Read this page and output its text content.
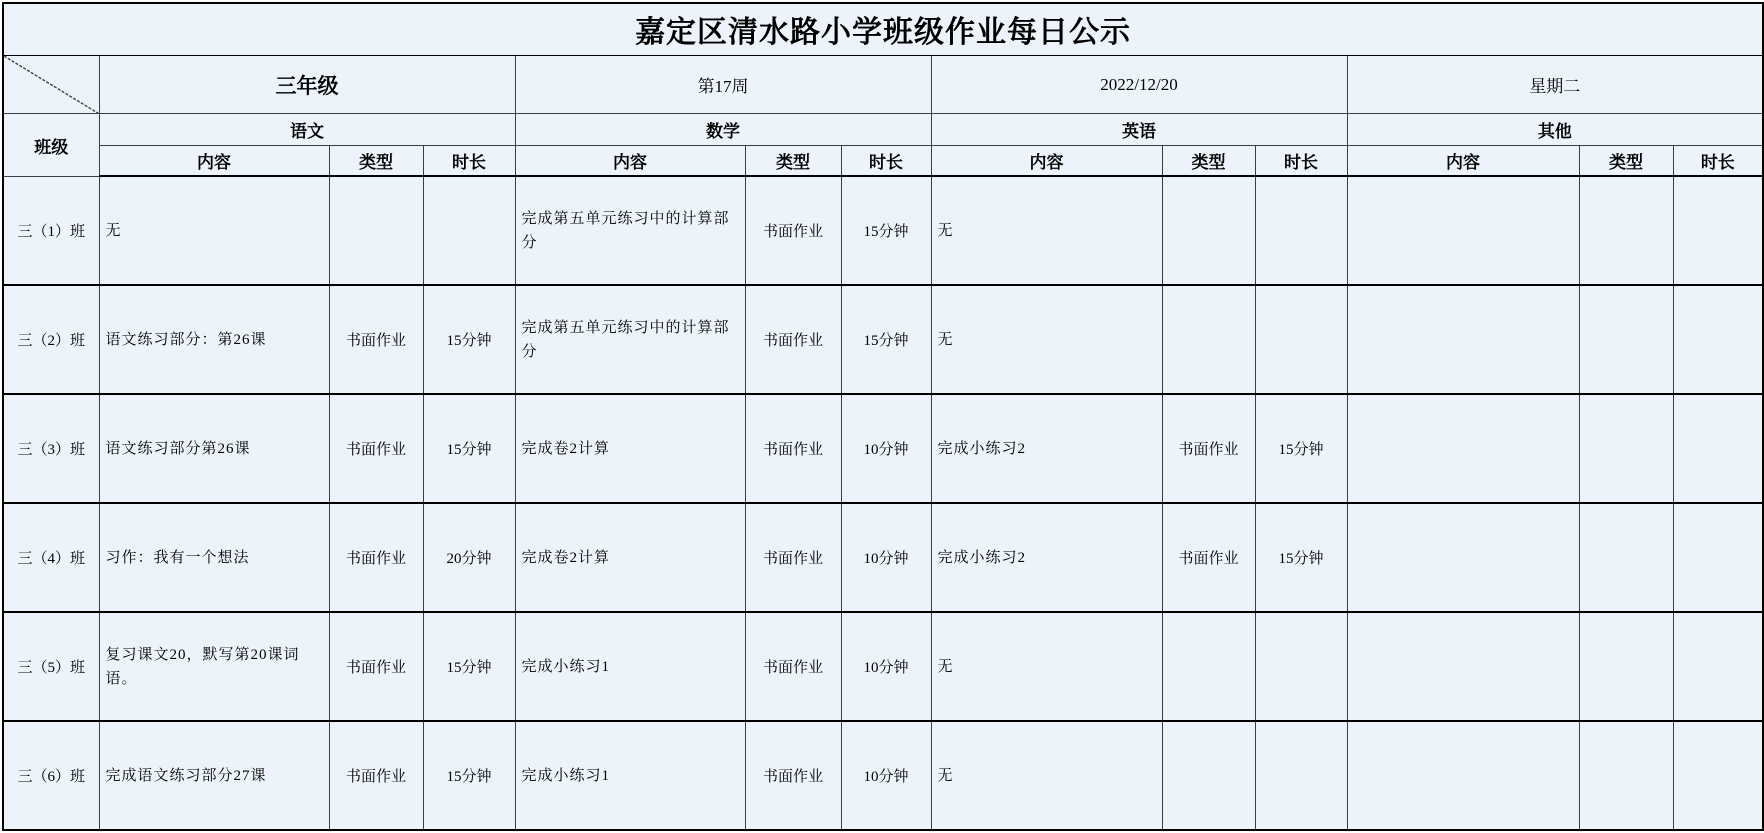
嘉定区清水路小学班级作业每日公示												

	三年级			第17周			2022/12/20			星期二		
班级	语文			数学			英语			其他		
	内容	类型	时长	内容	类型	时长	内容	类型	时长	内容	类型	时长
三（1）班	无			完成第五单元练习中的计算部分	书面作业	15分钟	无					
三（2）班	语文练习部分：第26课	书面作业	15分钟	完成第五单元练习中的计算部分	书面作业	15分钟	无					
三（3）班	语文练习部分第26课	书面作业	15分钟	完成卷2计算	书面作业	10分钟	完成小练习2	书面作业	15分钟			
三（4）班	习作：我有一个想法	书面作业	20分钟	完成卷2计算	书面作业	10分钟	完成小练习2	书面作业	15分钟			
三（5）班	复习课文20，默写第20课词语。	书面作业	15分钟	完成小练习1	书面作业	10分钟	无					
三（6）班	完成语文练习部分27课	书面作业	15分钟	完成小练习1	书面作业	10分钟	无					
